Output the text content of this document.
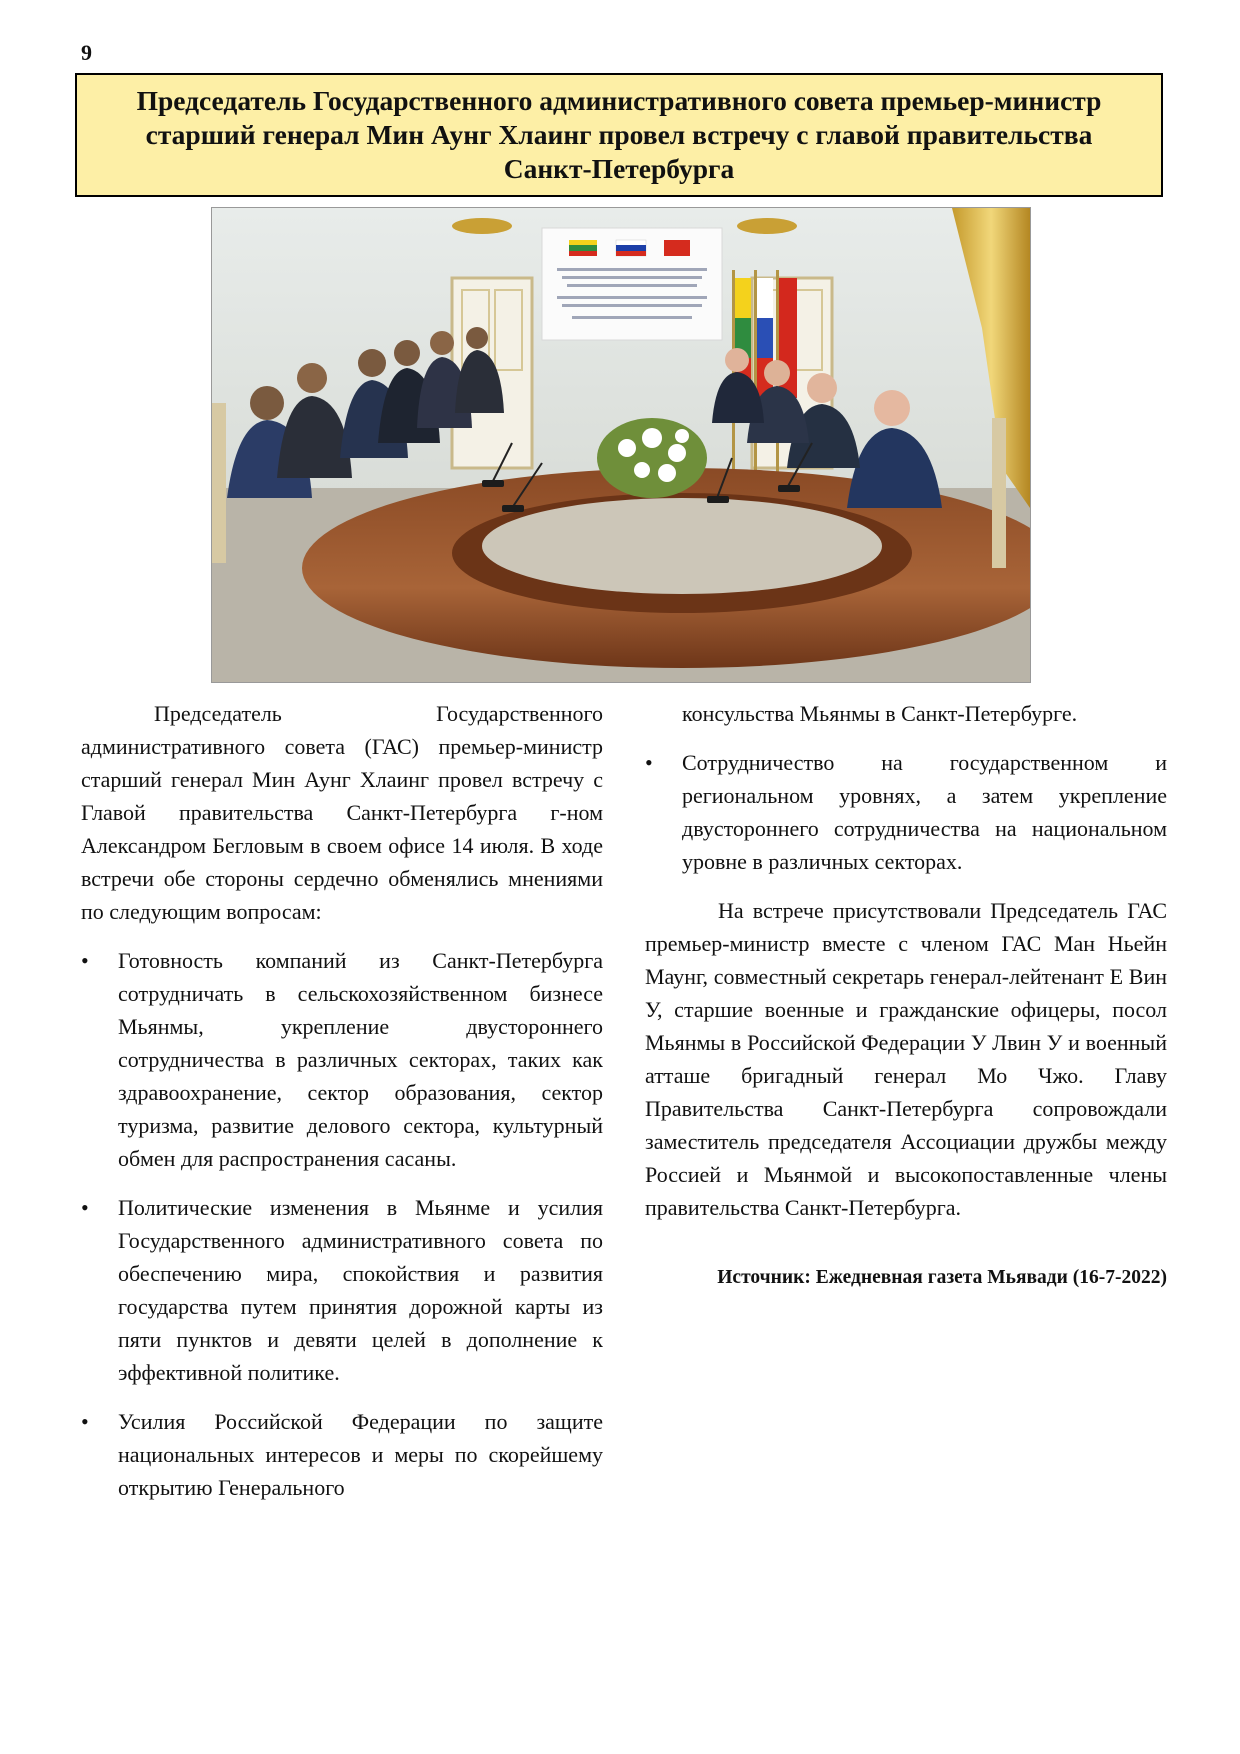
9
Председатель Государственного административного совета премьер-министр старший генерал Мин Аунг Хлаинг провел встречу с главой правительства Санкт-Петербурга

Председатель Государственного административного совета (ГАС) премьер-министр старший генерал Мин Аунг Хлаинг провел встречу с Главой правительства Санкт-Петербурга г-ном Александром Бегловым в своем офисе 14 июля. В ходе встречи обе стороны сердечно обменялись мнениями по следующим вопросам:

• Готовность компаний из Санкт-Петербурга сотрудничать в сельскохозяйственном бизнесе Мьянмы, укрепление двустороннего сотрудничества в различных секторах, таких как здравоохранение, сектор образования, сектор туризма, развитие делового сектора, культурный обмен для распространения сасаны.
• Политические изменения в Мьянме и усилия Государственного административного совета по обеспечению мира, спокойствия и развития государства путем принятия дорожной карты из пяти пунктов и девяти целей в дополнение к эффективной политике.
• Усилия Российской Федерации по защите национальных интересов и меры по скорейшему открытию Генерального

консульства Мьянмы в Санкт-Петербурге.

• Сотрудничество на государственном и региональном уровнях, а затем укрепление двустороннего сотрудничества на национальном уровне в различных секторах.

На встрече присутствовали Председатель ГАС премьер-министр вместе с членом ГАС Ман Ньейн Маунг, совместный секретарь генерал-лейтенант Е Вин У, старшие военные и гражданские офицеры, посол Мьянмы в Российской Федерации У Лвин У и военный атташе бригадный генерал Мо Чжо. Главу Правительства Санкт-Петербурга сопровождали заместитель председателя Ассоциации дружбы между Россией и Мьянмой и высокопоставленные члены правительства Санкт-Петербурга.

Источник: Ежедневная газета Мьявади (16-7-2022)
